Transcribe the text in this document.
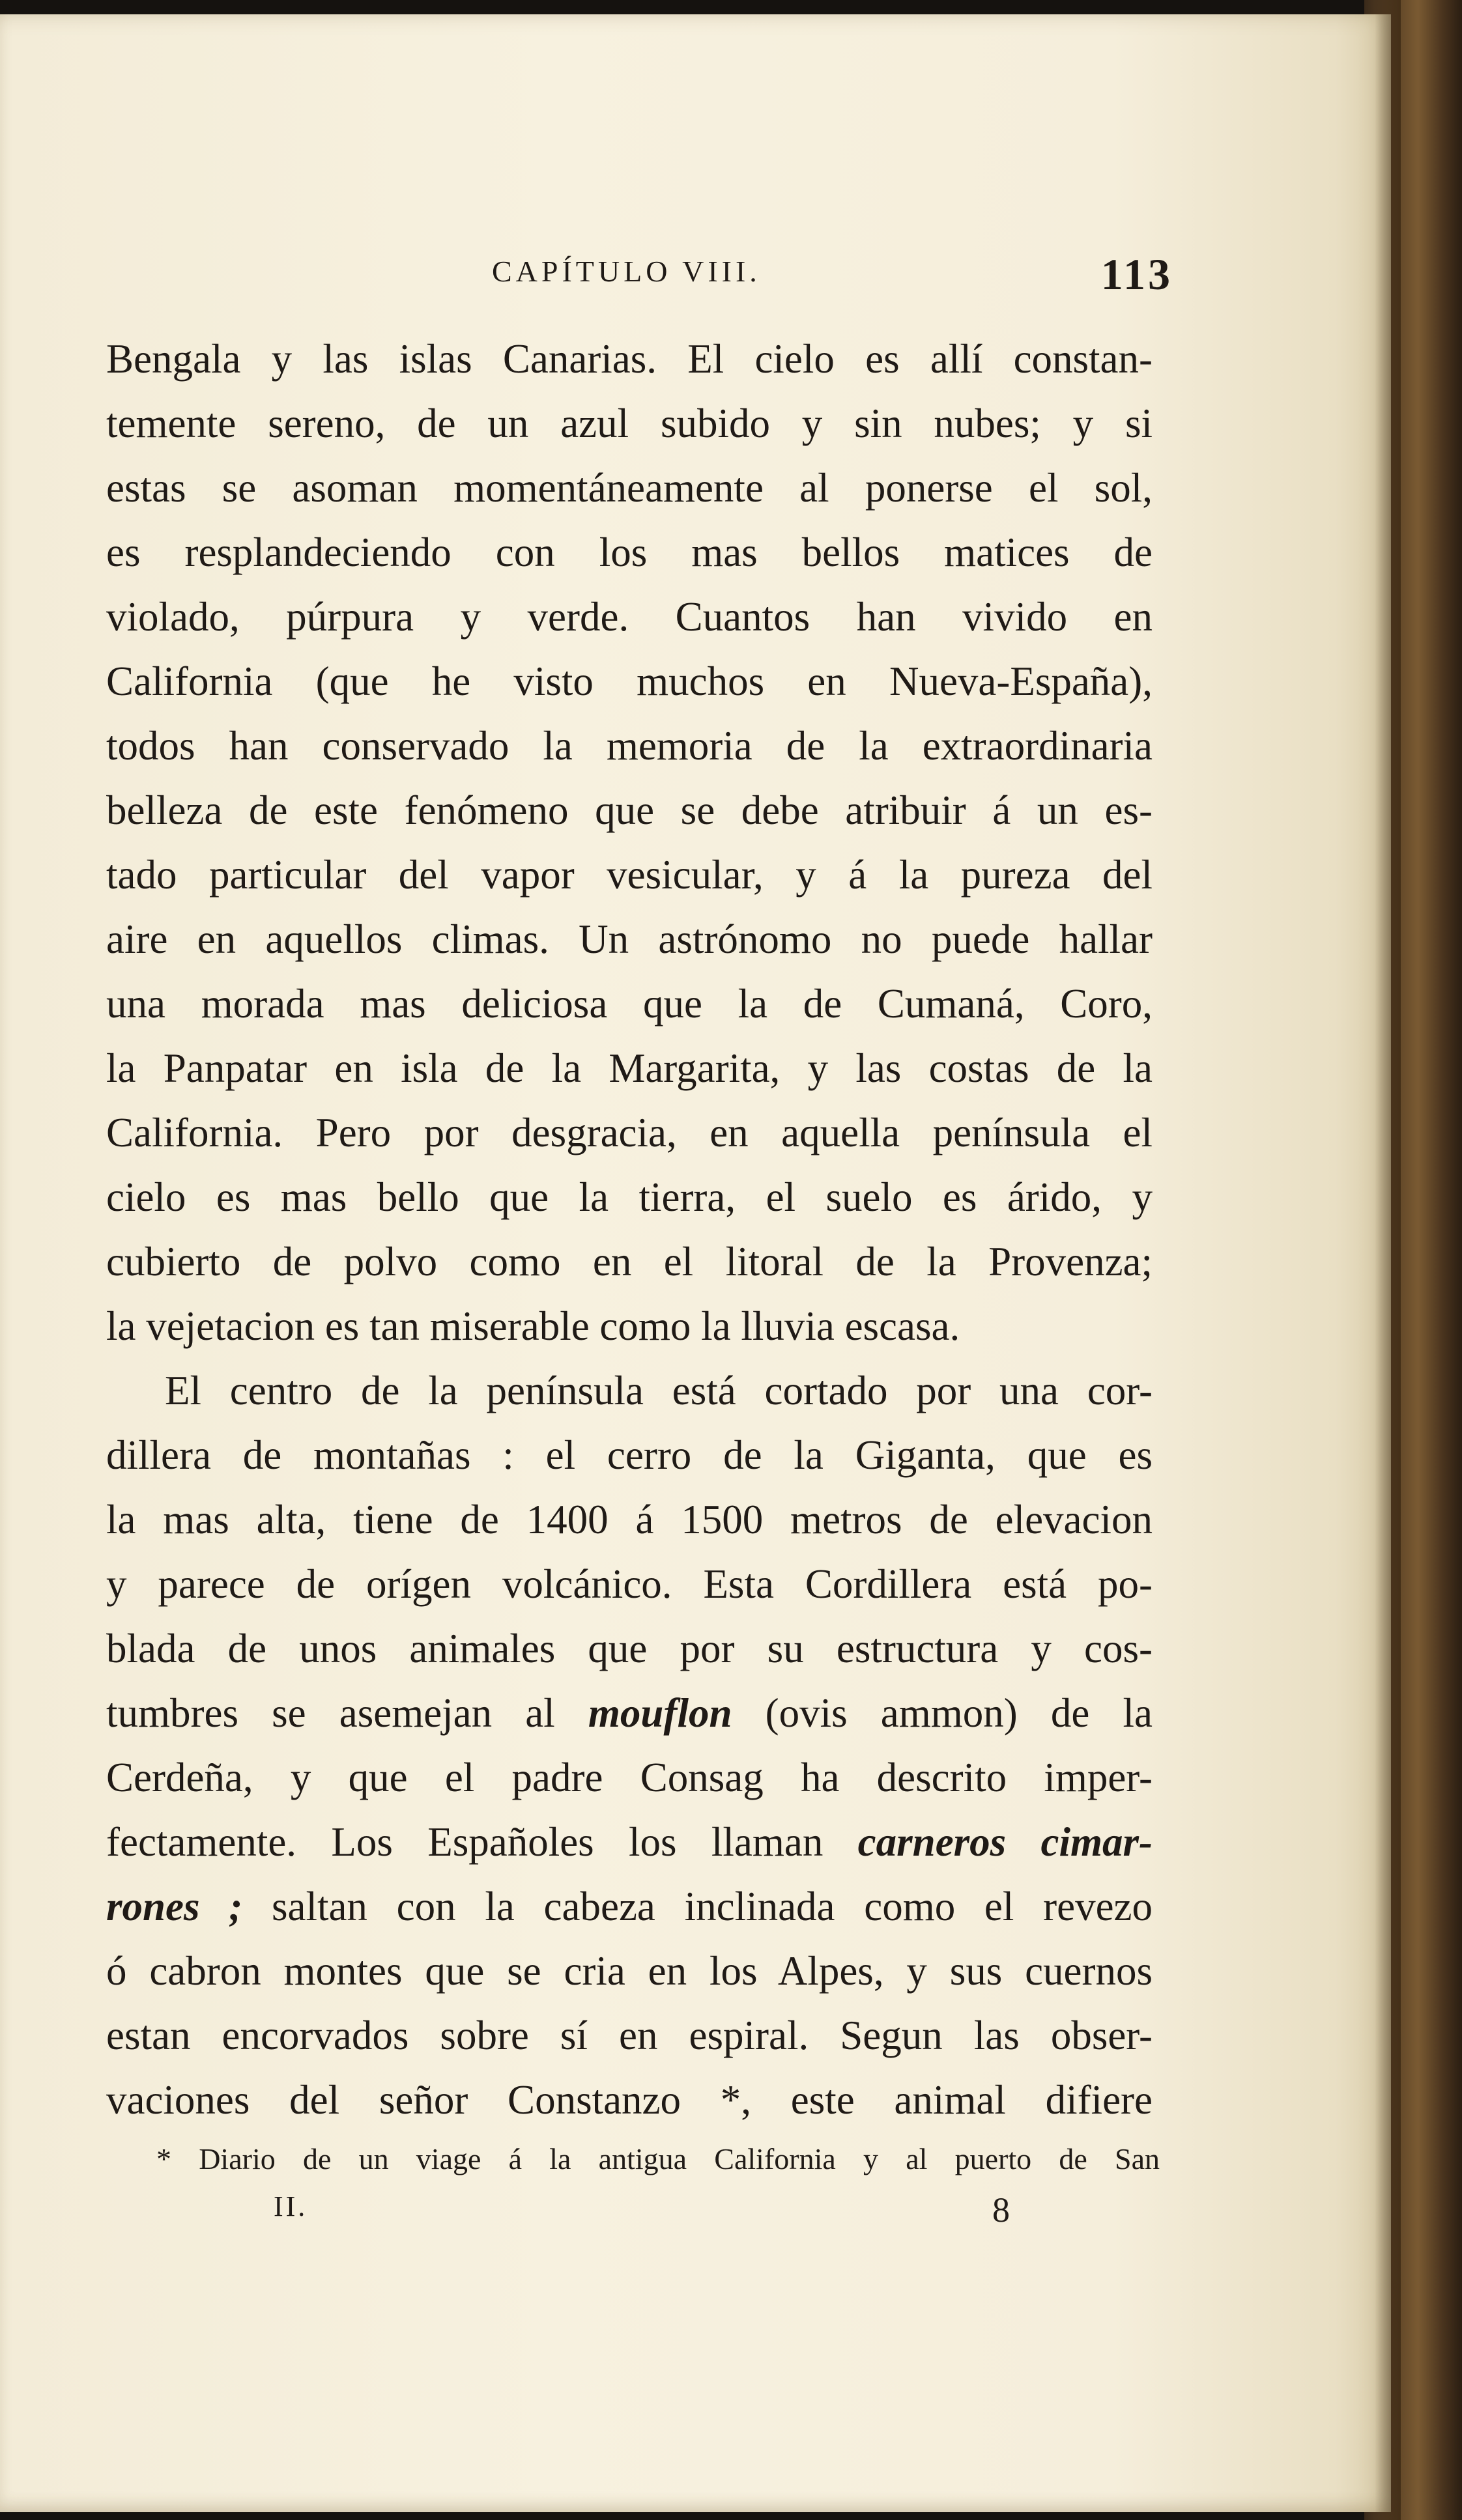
CAPÍTULO VIII.	113
Bengala y las islas Canarias. El cielo es allí constan-
temente sereno, de un azul subido y sin nubes; y si
estas se asoman momentáneamente al ponerse el sol,
es resplandeciendo con los mas bellos matices de
violado, púrpura y verde. Cuantos han vivido en
California (que he visto muchos en Nueva-España),
todos han conservado la memoria de la extraordinaria
belleza de este fenómeno que se debe atribuir á un es-
tado particular del vapor vesicular, y á la pureza del
aire en aquellos climas. Un astrónomo no puede hallar
una morada mas deliciosa que la de Cumaná, Coro,
la Panpatar en isla de la Margarita, y las costas de la
California. Pero por desgracia, en aquella península el
cielo es mas bello que la tierra, el suelo es árido, y
cubierto de polvo como en el litoral de la Provenza;
la vejetacion es tan miserable como la lluvia escasa.
El centro de la península está cortado por una cor-
dillera de montañas : el cerro de la Giganta, que es
la mas alta, tiene de 1400 á 1500 metros de elevacion
y parece de orígen volcánico. Esta Cordillera está po-
blada de unos animales que por su estructura y cos-
tumbres se asemejan al mouflon (ovis ammon) de la
Cerdeña, y que el padre Consag ha descrito imper-
fectamente. Los Españoles los llaman carneros cimar-
rones ; saltan con la cabeza inclinada como el revezo
ó cabron montes que se cria en los Alpes, y sus cuernos
estan encorvados sobre sí en espiral. Segun las obser-
vaciones del señor Constanzo *, este animal difiere
* Diario de un viage á la antigua California y al puerto de San
II.	8
